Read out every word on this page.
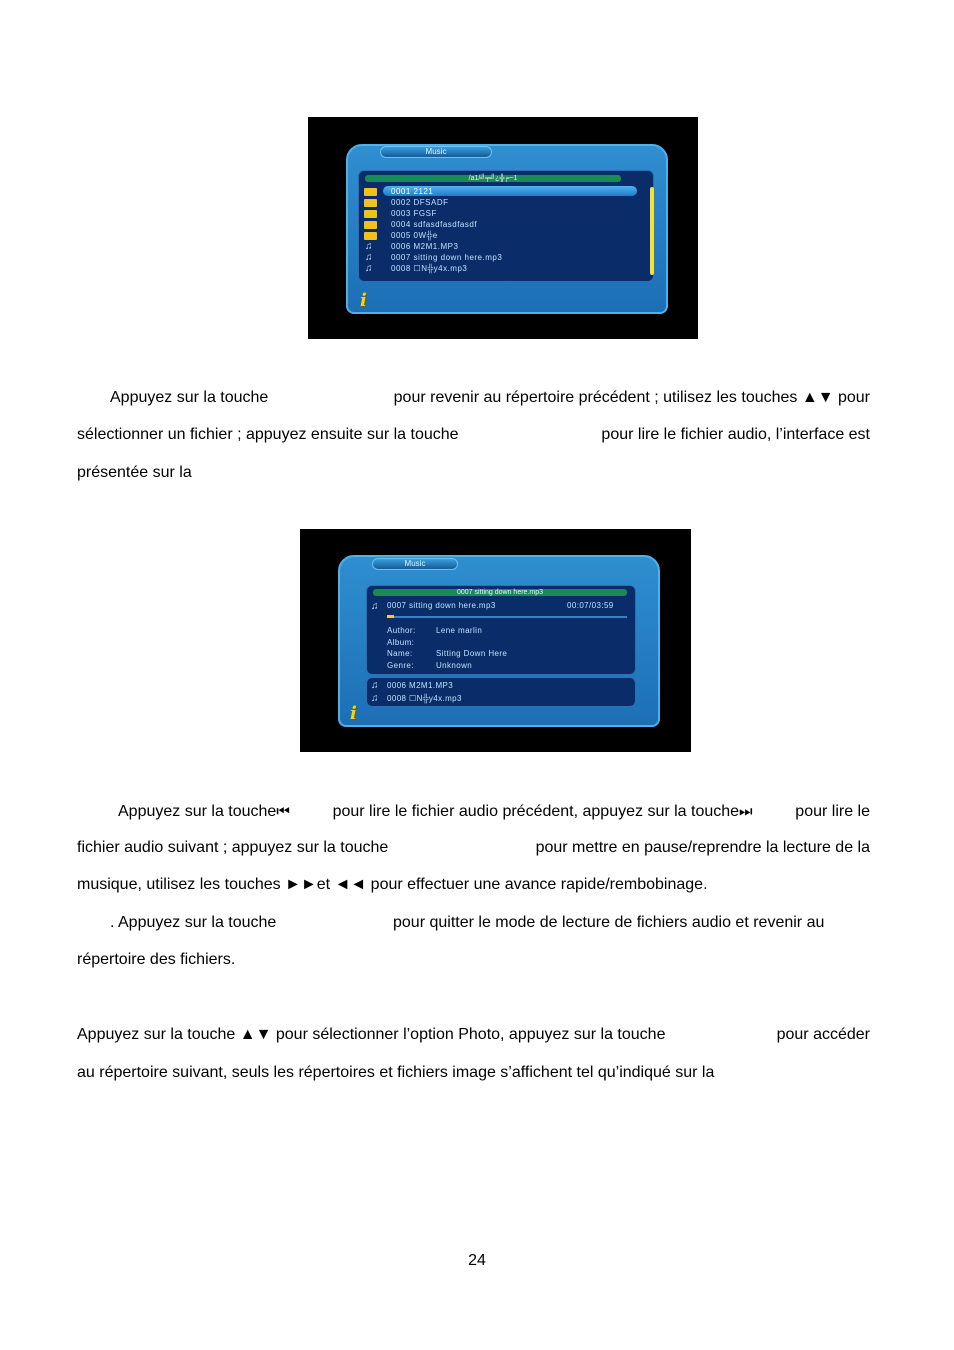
Music
/a1/╝╤╝¿╬╒~1
0001 2121
0002 DFSADF
0003 FGSF
0004 sdfasdfasdfasdf
0005 0W╬e
♫ 0006 M2M1.MP3
♫ 0007 sitting down here.mp3
♫ 0008 ☐N╬y4x.mp3
i
Appuyez sur la touche	pour revenir au répertoire précédent ; utilisez les touches ▲▼ pour
sélectionner un fichier ; appuyez ensuite sur la touche	pour lire le fichier audio, l’interface est
présentée sur la
Music
0007 sitting down here.mp3
♫ 0007 sitting down here.mp3	00:07/03:59
Author:	Lene marlin
Album:
Name:	Sitting Down Here
Genre:	Unknown
♫ 0006 M2M1.MP3
♫ 0008 ☐N╬y4x.mp3
i
Appuyez sur la touche⏮	pour lire le fichier audio précédent, appuyez sur la touche⏭	pour lire le
fichier audio suivant ; appuyez sur la touche	pour mettre en pause/reprendre la lecture de la
musique, utilisez les touches ►►et ◄◄ pour effectuer une avance rapide/rembobinage.
. Appuyez sur la touche	pour quitter le mode de lecture de fichiers audio et revenir au
répertoire des fichiers.
Appuyez sur la touche ▲▼ pour sélectionner l’option Photo, appuyez sur la touche	pour accéder
au répertoire suivant, seuls les répertoires et fichiers image s’affichent tel qu’indiqué sur la
24
